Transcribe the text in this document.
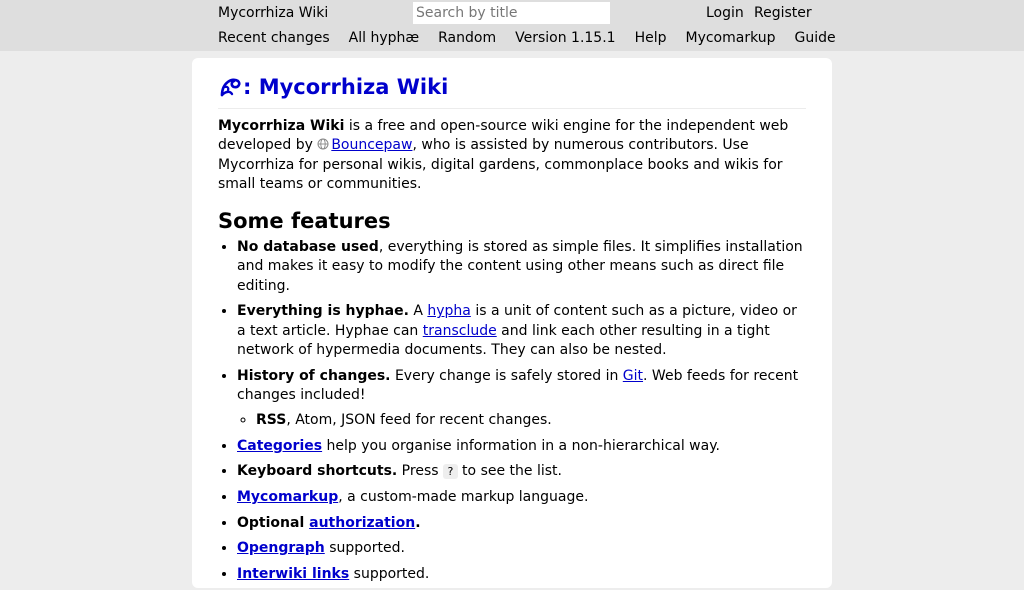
Mycorrhiza Wiki
Search by title	Login Register
Recent changes All hyphæ Random Version 1.15.1 Help Mycomarkup Guide
: Mycorrhiza Wiki

Mycorrhiza Wiki is a free and open-source wiki engine for the independent web developed by Bouncepaw, who is assisted by numerous contributors. Use Mycorrhiza for personal wikis, digital gardens, commonplace books and wikis for small teams or communities.

Some features
• No database used, everything is stored as simple files. It simplifies installation and makes it easy to modify the content using other means such as direct file editing.
• Everything is hyphae. A hypha is a unit of content such as a picture, video or a text article. Hyphae can transclude and link each other resulting in a tight network of hypermedia documents. They can also be nested.
• History of changes. Every change is safely stored in Git. Web feeds for recent changes included!
◦ RSS, Atom, JSON feed for recent changes.
• Categories help you organise information in a non-hierarchical way.
• Keyboard shortcuts. Press ? to see the list.
• Mycomarkup, a custom-made markup language.
• Optional authorization.
• Opengraph supported.
• Interwiki links supported.
